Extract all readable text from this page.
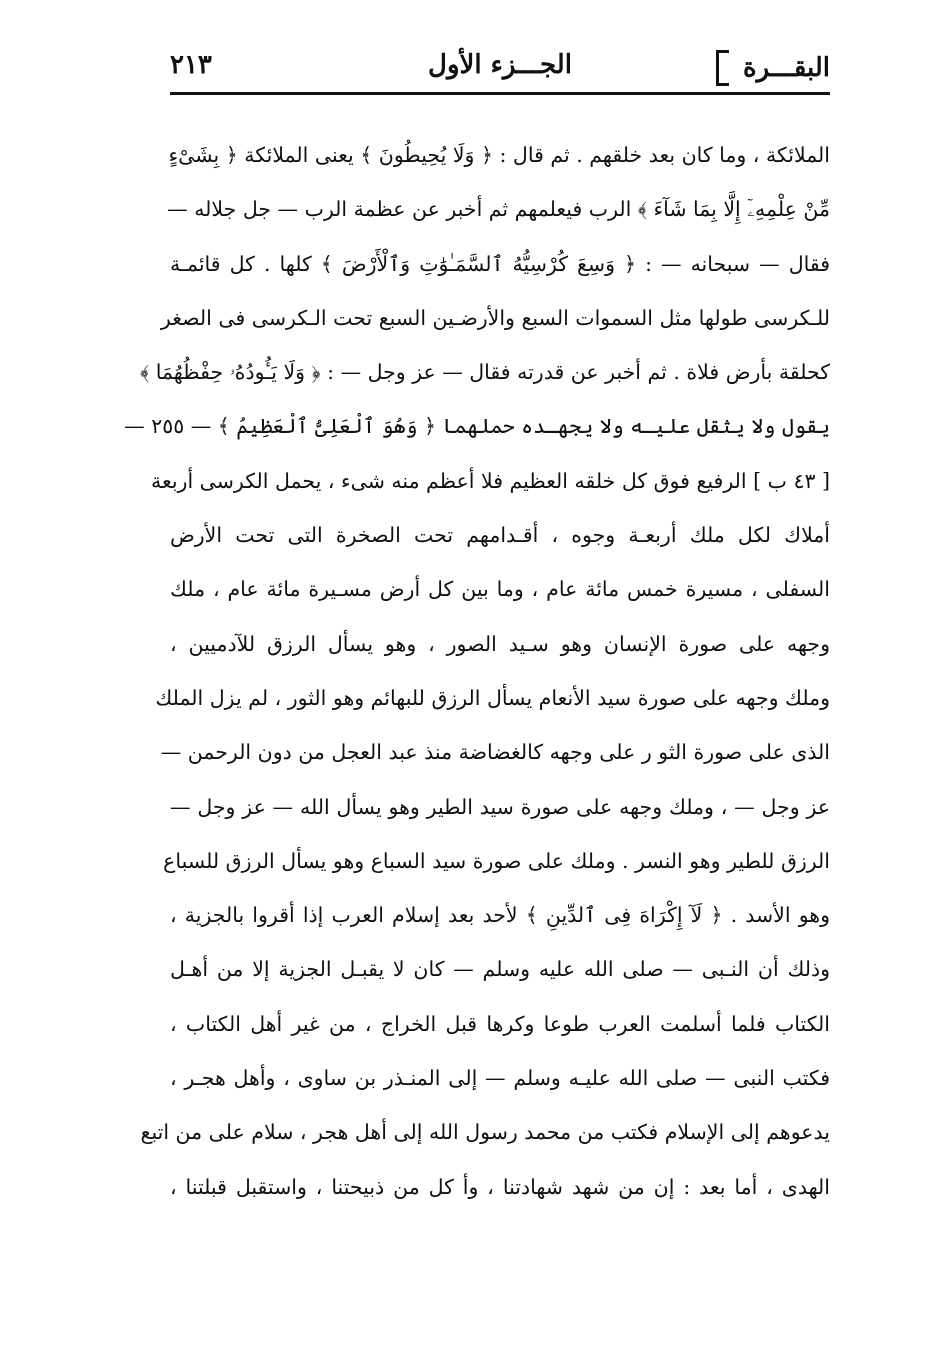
البقـــرة
الجـــزء الأول
٢١٣
الملائكة ، وما كان بعد خلقهم . ثم قال : ﴿ وَلَا يُحِيطُونَ ﴾ يعنى الملائكة ﴿ بِشَىْءٍ
مِّنْ عِلْمِهِۦٓ إِلَّا بِمَا شَآءَ ﴾ الرب فيعلمهم ثم أخبر عن عظمة الرب — جل جلاله —
فقال — سبحانه — : ﴿ وَسِعَ كُرْسِيُّهُ ٱلسَّمَـٰوَٰتِ وَٱلْأَرْضَ ﴾ كلها . كل قائمـة
للـكرسى طولها مثل السموات السبع والأرضـين السبع تحت الـكرسى فى الصغر
كحلقة بأرض فلاة . ثم أخبر عن قدرته فقال — عز وجل — : ﴿ وَلَا يَـُٔودُهُۥ حِفْظُهُمَا ﴾
يقول ولا يثقل عليـه ولا يجهـده حملهما ﴿ وَهُوَ ٱلْعَلِىُّ ٱلْعَظِيمُ ﴾ — ٢٥٥ —
[ ٤٣ ب ] الرفيع فوق كل خلقه العظيم فلا أعظم منه شىء ، يحمل الكرسى أربعة
أملاك لكل ملك أربعـة وجوه ، أقـدامهم تحت الصخرة التى تحت الأرض
السفلى ، مسيرة خمس مائة عام ، وما بين كل أرض مسـيرة مائة عام ، ملك
وجهه على صورة الإنسان وهو سـيد الصور ، وهو يسأل الرزق للآدميين ،
وملك وجهه على صورة سيد الأنعام يسأل الرزق للبهائم وهو الثور ، لم يزل الملك
الذى على صورة الثو ر على وجهه كالغضاضة منذ عبد العجل من دون الرحمن —
عز وجل — ، وملك وجهه على صورة سيد الطير وهو يسأل الله — عز وجل —
الرزق للطير وهو النسر . وملك على صورة سيد السباع وهو يسأل الرزق للسباع
وهو الأسد . ﴿ لَآ إِكْرَاهَ فِى ٱلدِّينِ ﴾ لأحد بعد إسلام العرب إذا أقروا بالجزية ،
وذلك أن النـبى — صلى الله عليه وسلم — كان لا يقبـل الجزية إلا من أهـل
الكتاب فلما أسلمت العرب طوعا وكرها قبل الخراج ، من غير أهل الكتاب ،
فكتب النبى — صلى الله عليـه وسلم — إلى المنـذر بن ساوى ، وأهل هجـر ،
يدعوهم إلى الإسلام فكتب من محمد رسول الله إلى أهل هجر ، سلام على من اتبع
الهدى ، أما بعد : إن من شهد شهادتنا ، وأ كل من ذبيحتنا ، واستقبل قبلتنا ،
